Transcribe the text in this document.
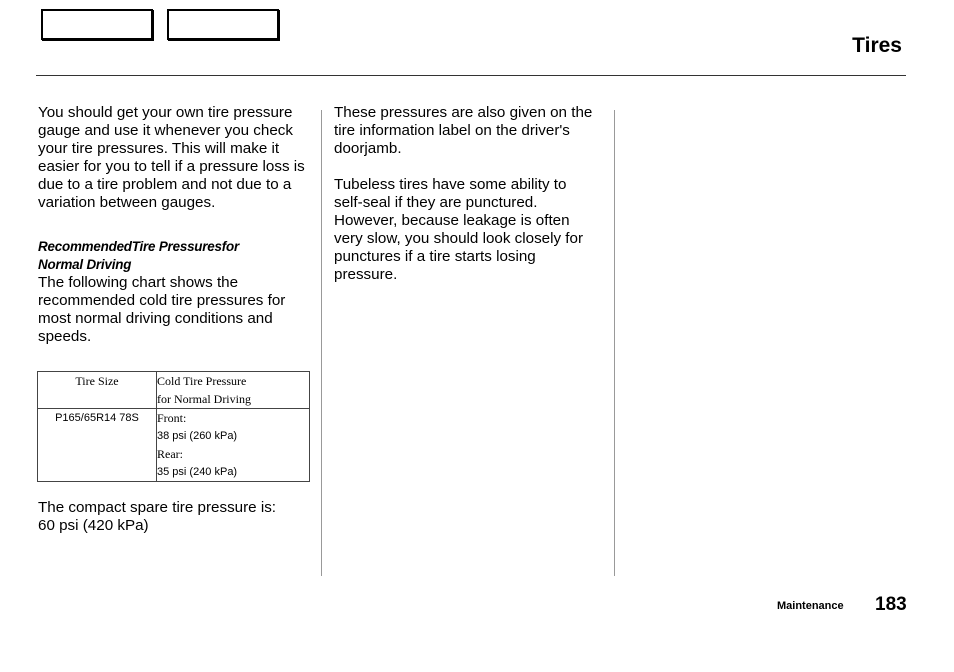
Tires

You should get your own tire pressure gauge and use it whenever you check your tire pressures. This will make it easier for you to tell if a pressure loss is due to a tire problem and not due to a variation between gauges.

RecommendedTire Pressuresfor
Normal Driving

The following chart shows the recommended cold tire pressures for most normal driving conditions and speeds.

Tire Size	Cold Tire Pressure
for Normal Driving

P165/65R14 78S	Front:
38 psi (260 kPa)
Rear:
35 psi (240 kPa)
The compact spare tire pressure is:
60 psi (420 kPa)

These pressures are also given on the tire information label on the driver's doorjamb.

Tubeless tires have some ability to self-seal if they are punctured. However, because leakage is often very slow, you should look closely for punctures if a tire starts losing pressure.

Maintenance 183
